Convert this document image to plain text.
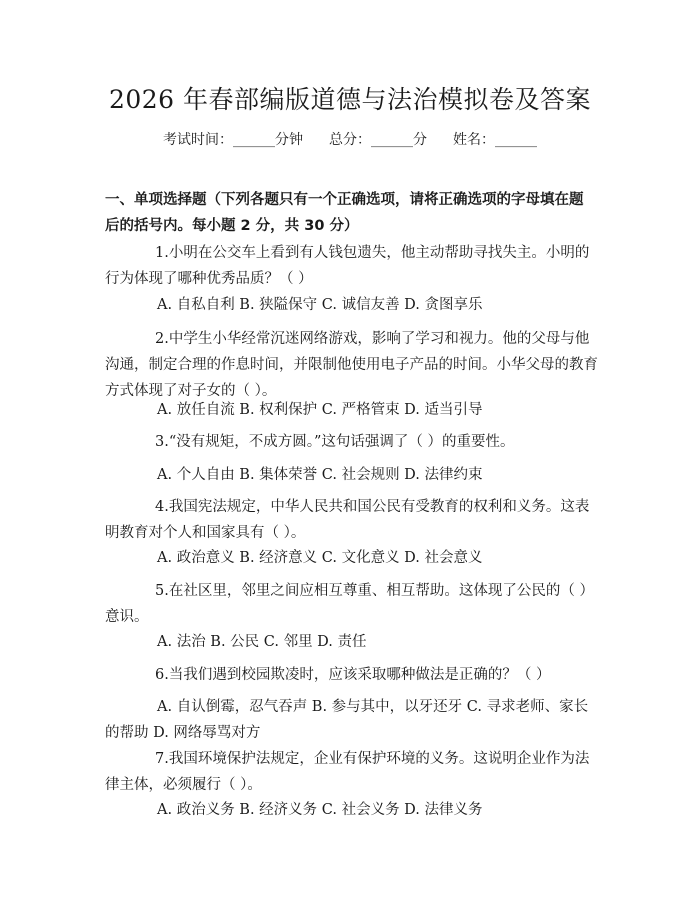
2026 年春部编版道德与法治模拟卷及答案
考试时间：______分钟 总分：______分 姓名：______

一、单项选择题（下列各题只有一个正确选项，请将正确选项的字母填在题后的括号内。每小题 2 分，共 30 分）

1.小明在公交车上看到有人钱包遗失，他主动帮助寻找失主。小明的行为体现了哪种优秀品质？（ ）

A. 自私自利 B. 狭隘保守 C. 诚信友善 D. 贪图享乐

2.中学生小华经常沉迷网络游戏，影响了学习和视力。他的父母与他沟通，制定合理的作息时间，并限制他使用电子产品的时间。小华父母的教育方式体现了对子女的（ ）。

A. 放任自流 B. 权利保护 C. 严格管束 D. 适当引导

3.“没有规矩，不成方圆。”这句话强调了（ ）的重要性。

A. 个人自由 B. 集体荣誉 C. 社会规则 D. 法律约束

4.我国宪法规定，中华人民共和国公民有受教育的权利和义务。这表明教育对个人和国家具有（ ）。

A. 政治意义 B. 经济意义 C. 文化意义 D. 社会意义

5.在社区里，邻里之间应相互尊重、相互帮助。这体现了公民的（ ）意识。

A. 法治 B. 公民 C. 邻里 D. 责任

6.当我们遇到校园欺凌时，应该采取哪种做法是正确的？（ ）

A. 自认倒霉，忍气吞声 B. 参与其中，以牙还牙 C. 寻求老师、家长的帮助 D. 网络辱骂对方

7.我国环境保护法规定，企业有保护环境的义务。这说明企业作为法律主体，必须履行（ ）。

A. 政治义务 B. 经济义务 C. 社会义务 D. 法律义务
